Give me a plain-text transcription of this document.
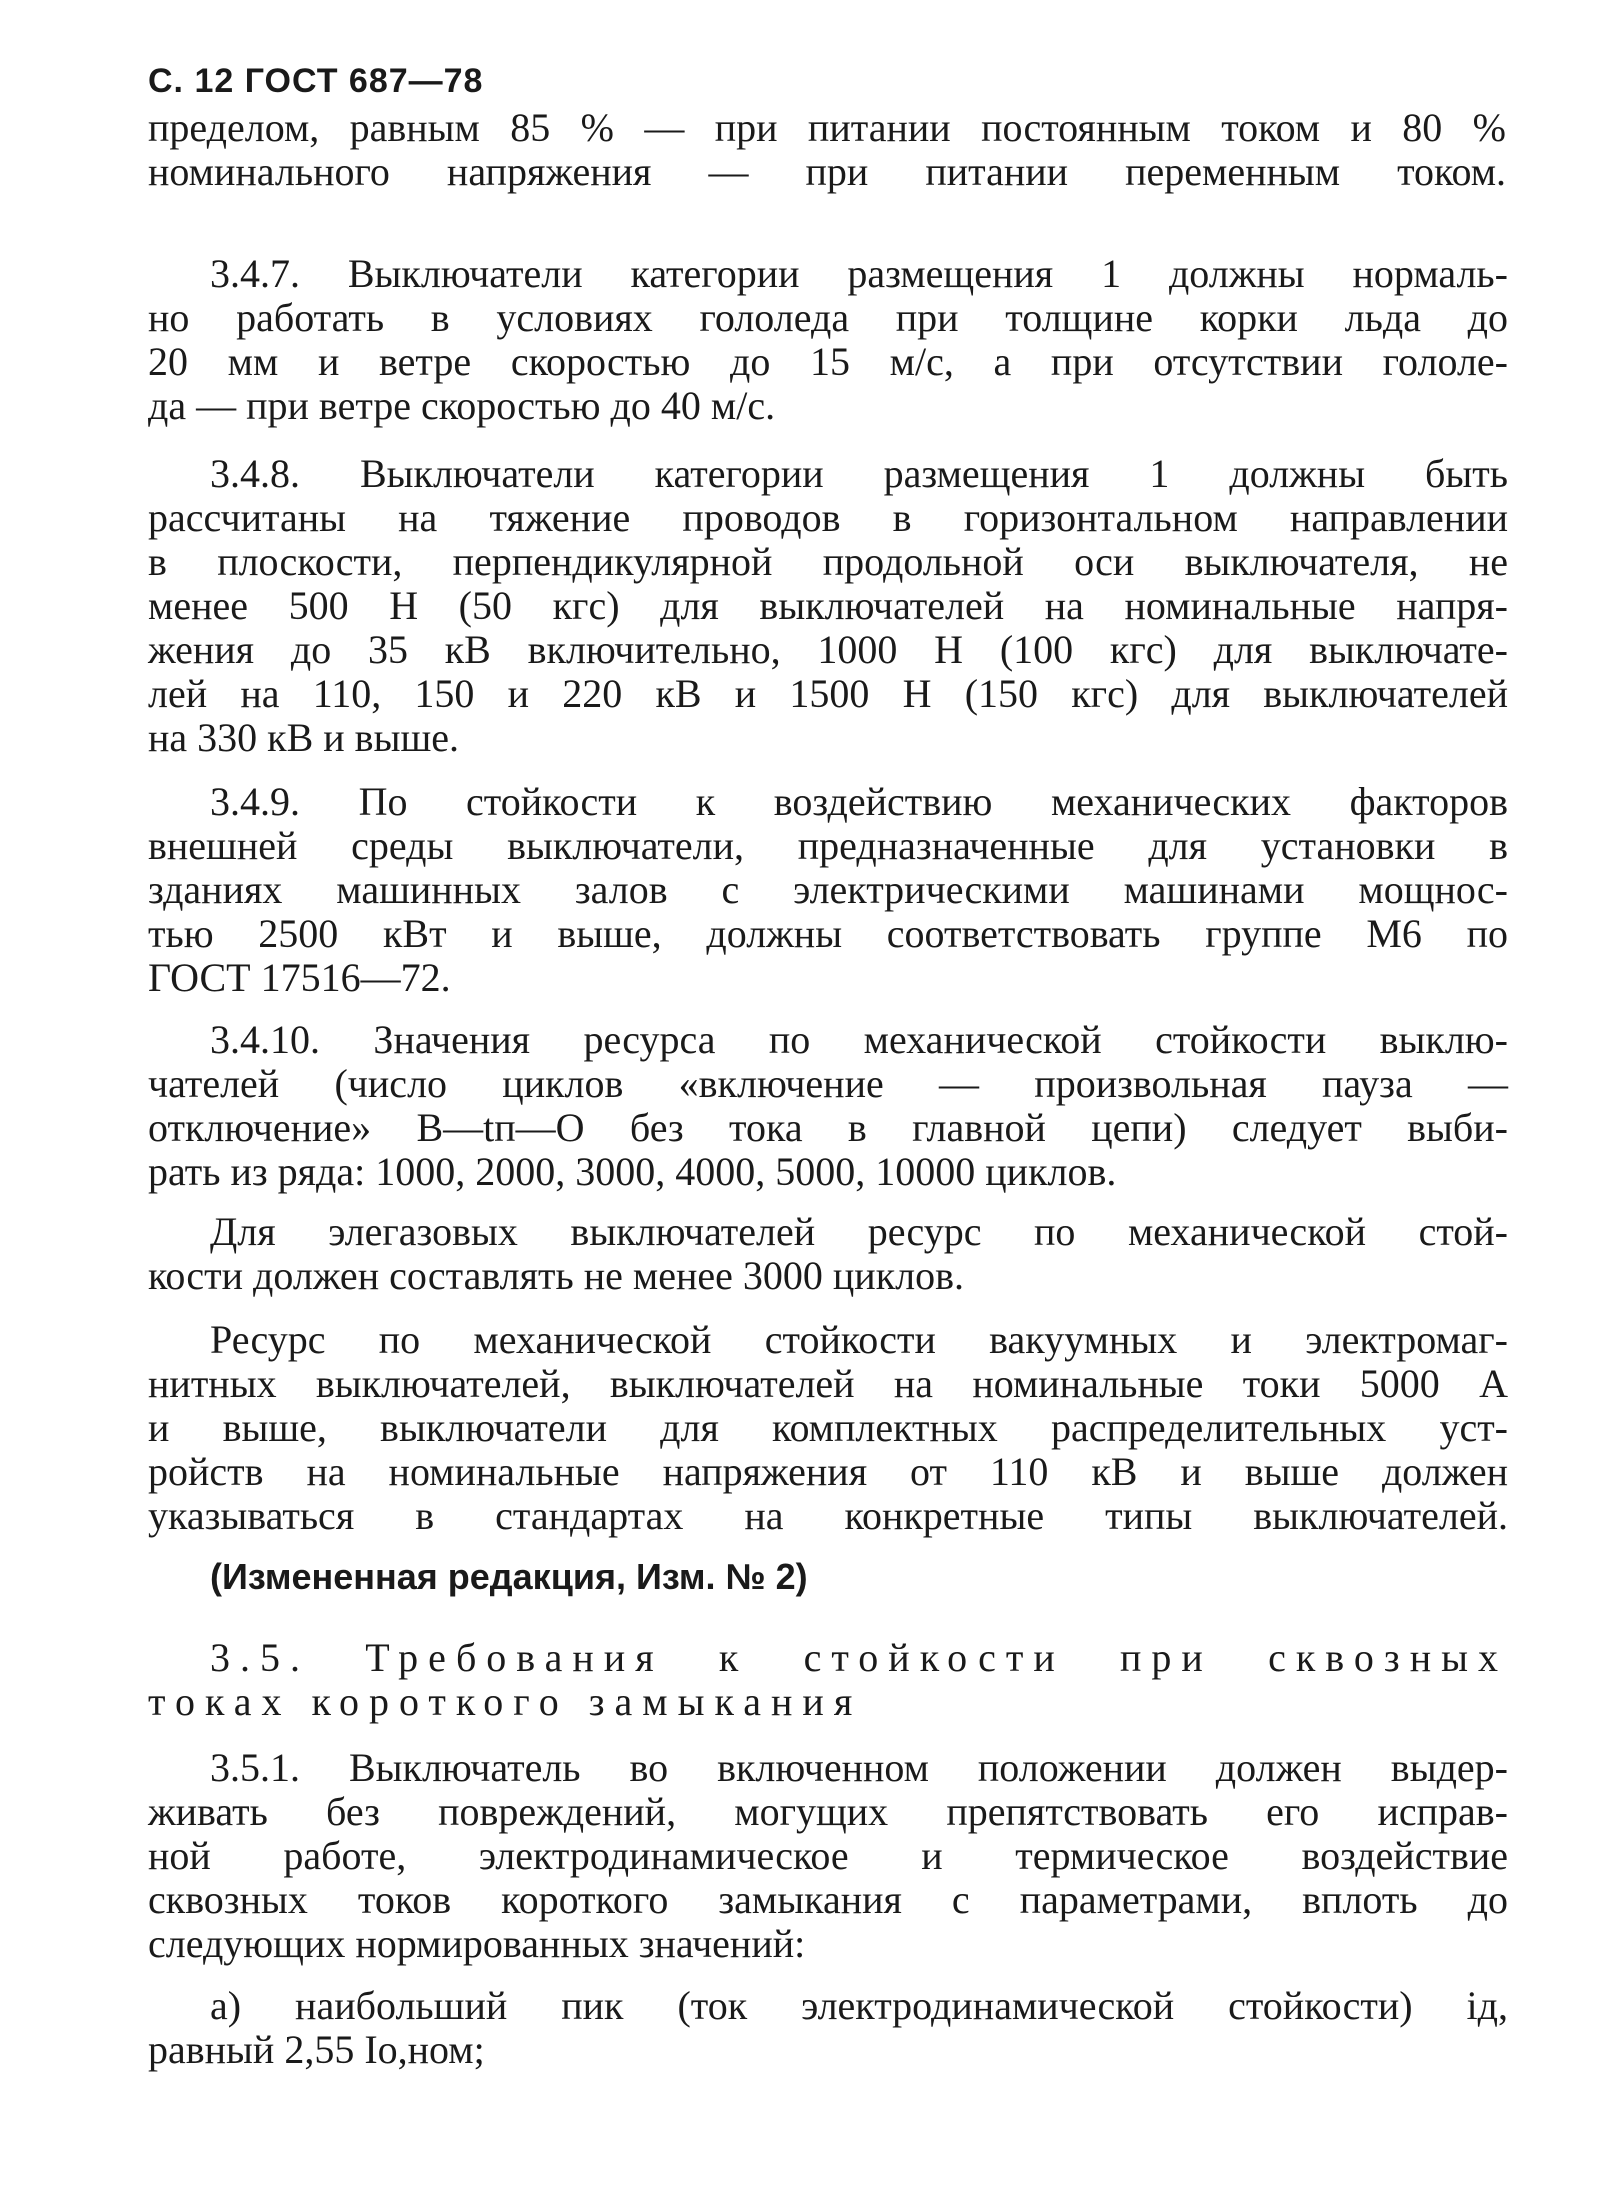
С. 12 ГОСТ 687—78
пределом, равным 85 % — при питании постоянным током и 80 %
номинального напряжения — при питании переменным током.
3.4.7. Выключатели категории размещения 1 должны нормаль-
но работать в условиях гололеда при толщине корки льда до
20 мм и ветре скоростью до 15 м/с, а при отсутствии гололе-
да — при ветре скоростью до 40 м/с.
3.4.8. Выключатели категории размещения 1 должны быть
рассчитаны на тяжение проводов в горизонтальном направлении
в плоскости, перпендикулярной продольной оси выключателя, не
менее 500 Н (50 кгс) для выключателей на номинальные напря-
жения до 35 кВ включительно, 1000 Н (100 кгс) для выключате-
лей на 110, 150 и 220 кВ и 1500 Н (150 кгс) для выключателей
на 330 кВ и выше.
3.4.9. По стойкости к воздействию механических факторов
внешней среды выключатели, предназначенные для установки в
зданиях машинных залов с электрическими машинами мощнос-
тью 2500 кВт и выше, должны соответствовать группе М6 по
ГОСТ 17516—72.
3.4.10. Значения ресурса по механической стойкости выклю-
чателей (число циклов «включение — произвольная пауза —
отключение» В—tп—О без тока в главной цепи) следует выби-
рать из ряда: 1000, 2000, 3000, 4000, 5000, 10000 циклов.
Для элегазовых выключателей ресурс по механической стой-
кости должен составлять не менее 3000 циклов.
Ресурс по механической стойкости вакуумных и электромаг-
нитных выключателей, выключателей на номинальные токи 5000 А
и выше, выключатели для комплектных распределительных уст-
ройств на номинальные напряжения от 110 кВ и выше должен
указываться в стандартах на конкретные типы выключателей.
(Измененная редакция, Изм. № 2)
3.5. Требования к стойкости при сквозных
токах короткого замыкания
3.5.1. Выключатель во включенном положении должен выдер-
живать без повреждений, могущих препятствовать его исправ-
ной работе, электродинамическое и термическое воздействие
сквозных токов короткого замыкания с параметрами, вплоть до
следующих нормированных значений:
а) наибольший пик (ток электродинамической стойкости) iд,
равный 2,55 Iо,ном;
